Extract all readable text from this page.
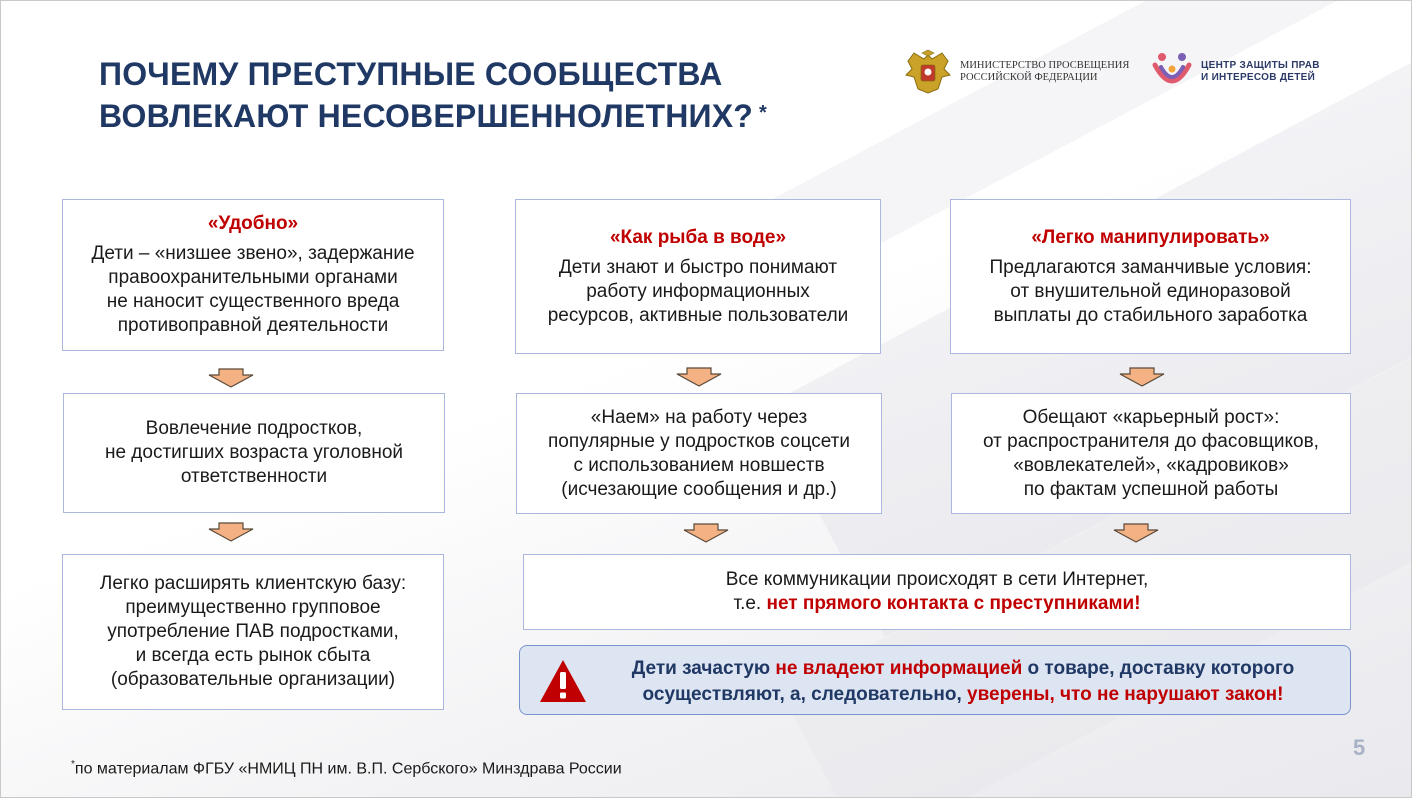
ПОЧЕМУ ПРЕСТУПНЫЕ СООБЩЕСТВА
ВОВЛЕКАЮТ НЕСОВЕРШЕННОЛЕТНИХ? *
МИНИСТЕРСТВО ПРОСВЕЩЕНИЯ
РОССИЙСКОЙ ФЕДЕРАЦИИ
ЦЕНТР ЗАЩИТЫ ПРАВ
И ИНТЕРЕСОВ ДЕТЕЙ
«Удобно»
Дети – «низшее звено», задержание
правоохранительными органами
не наносит существенного вреда
противоправной деятельности
Вовлечение подростков,
не достигших возраста уголовной
ответственности
Легко расширять клиентскую базу:
преимущественно групповое
употребление ПАВ подростками,
и всегда есть рынок сбыта
(образовательные организации)
«Как рыба в воде»
Дети знают и быстро понимают
работу информационных
ресурсов, активные пользователи
«Наем» на работу через
популярные у подростков соцсети
с использованием новшеств
(исчезающие сообщения и др.)
«Легко манипулировать»
Предлагаются заманчивые условия:
от внушительной единоразовой
выплаты до стабильного заработка
Обещают «карьерный рост»:
от распространителя до фасовщиков,
«вовлекателей», «кадровиков»
по фактам успешной работы
Все коммуникации происходят в сети Интернет,
т.е. нет прямого контакта с преступниками!
Дети зачастую не владеют информацией о товаре, доставку которого
осуществляют, а, следовательно, уверены, что не нарушают закон!
*по материалам ФГБУ «НМИЦ ПН им. В.П. Сербского» Минздрава России
5
